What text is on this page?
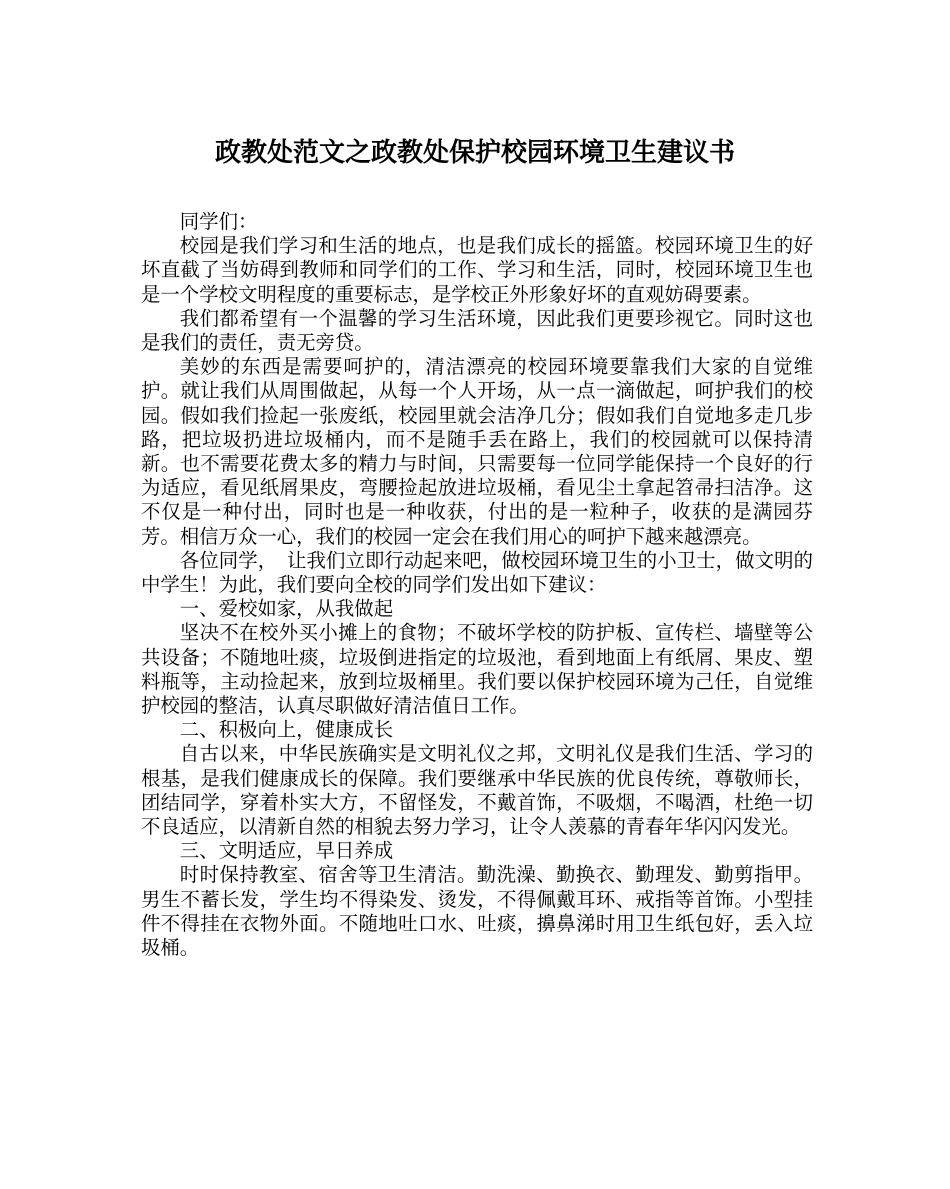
政教处范文之政教处保护校园环境卫生建议书

同学们：

校园是我们学习和生活的地点，也是我们成长的摇篮。校园环境卫生的好坏直截了当妨碍到教师和同学们的工作、学习和生活，同时，校园环境卫生也是一个学校文明程度的重要标志，是学校正外形象好坏的直观妨碍要素。

我们都希望有一个温馨的学习生活环境，因此我们更要珍视它。同时这也是我们的责任，责无旁贷。

美妙的东西是需要呵护的，清洁漂亮的校园环境要靠我们大家的自觉维护。就让我们从周围做起，从每一个人开场，从一点一滴做起，呵护我们的校园。假如我们捡起一张废纸，校园里就会洁净几分；假如我们自觉地多走几步路，把垃圾扔进垃圾桶内，而不是随手丢在路上，我们的校园就可以保持清新。也不需要花费太多的精力与时间，只需要每一位同学能保持一个良好的行为适应，看见纸屑果皮，弯腰捡起放进垃圾桶，看见尘土拿起笤帚扫洁净。这不仅是一种付出，同时也是一种收获，付出的是一粒种子，收获的是满园芬芳。相信万众一心，我们的校园一定会在我们用心的呵护下越来越漂亮。

各位同学，　让我们立即行动起来吧，做校园环境卫生的小卫士，做文明的中学生！为此，我们要向全校的同学们发出如下建议：

一、爱校如家，从我做起

坚决不在校外买小摊上的食物；不破坏学校的防护板、宣传栏、墙壁等公共设备；不随地吐痰，垃圾倒进指定的垃圾池，看到地面上有纸屑、果皮、塑料瓶等，主动捡起来，放到垃圾桶里。我们要以保护校园环境为己任，自觉维护校园的整洁，认真尽职做好清洁值日工作。

二、积极向上，健康成长

自古以来，中华民族确实是文明礼仪之邦，文明礼仪是我们生活、学习的根基，是我们健康成长的保障。我们要继承中华民族的优良传统，尊敬师长，团结同学，穿着朴实大方，不留怪发，不戴首饰，不吸烟，不喝酒，杜绝一切不良适应，以清新自然的相貌去努力学习，让令人羡慕的青春年华闪闪发光。

三、文明适应，早日养成

时时保持教室、宿舍等卫生清洁。勤洗澡、勤换衣、勤理发、勤剪指甲。男生不蓄长发，学生均不得染发、烫发，不得佩戴耳环、戒指等首饰。小型挂件不得挂在衣物外面。不随地吐口水、吐痰，擤鼻涕时用卫生纸包好，丢入垃圾桶。
